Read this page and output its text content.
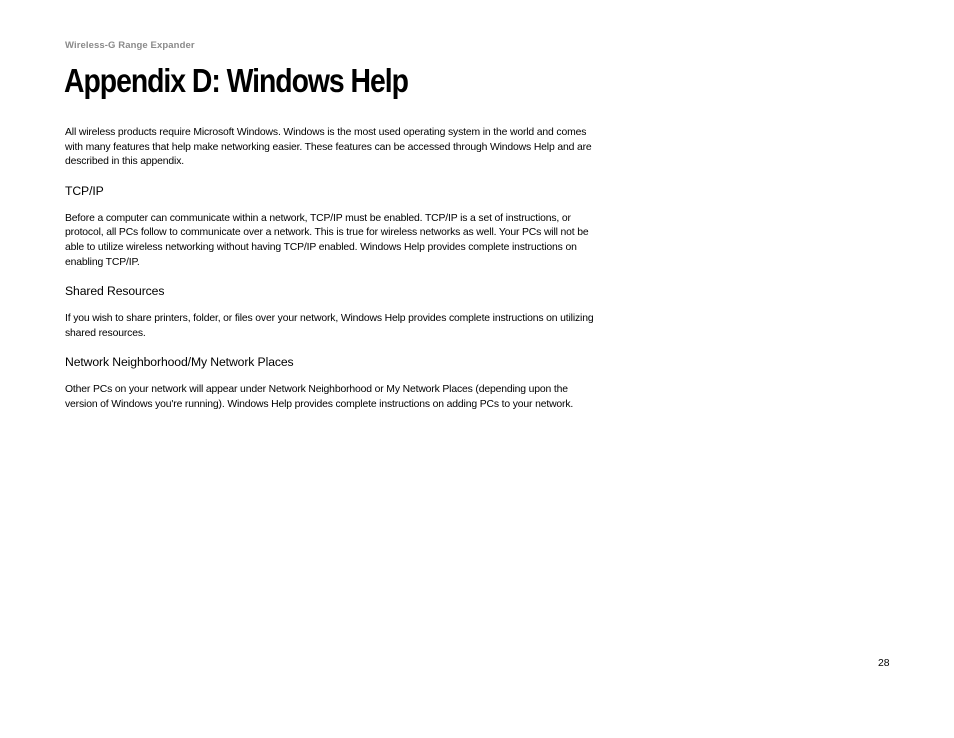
Wireless-G Range Expander
Appendix D: Windows Help

All wireless products require Microsoft Windows. Windows is the most used operating system in the world and comes with many features that help make networking easier. These features can be accessed through Windows Help and are described in this appendix.

TCP/IP

Before a computer can communicate within a network, TCP/IP must be enabled. TCP/IP is a set of instructions, or protocol, all PCs follow to communicate over a network. This is true for wireless networks as well. Your PCs will not be able to utilize wireless networking without having TCP/IP enabled. Windows Help provides complete instructions on enabling TCP/IP.

Shared Resources

If you wish to share printers, folder, or files over your network, Windows Help provides complete instructions on utilizing shared resources.

Network Neighborhood/My Network Places

Other PCs on your network will appear under Network Neighborhood or My Network Places (depending upon the version of Windows you're running). Windows Help provides complete instructions on adding PCs to your network.

28
